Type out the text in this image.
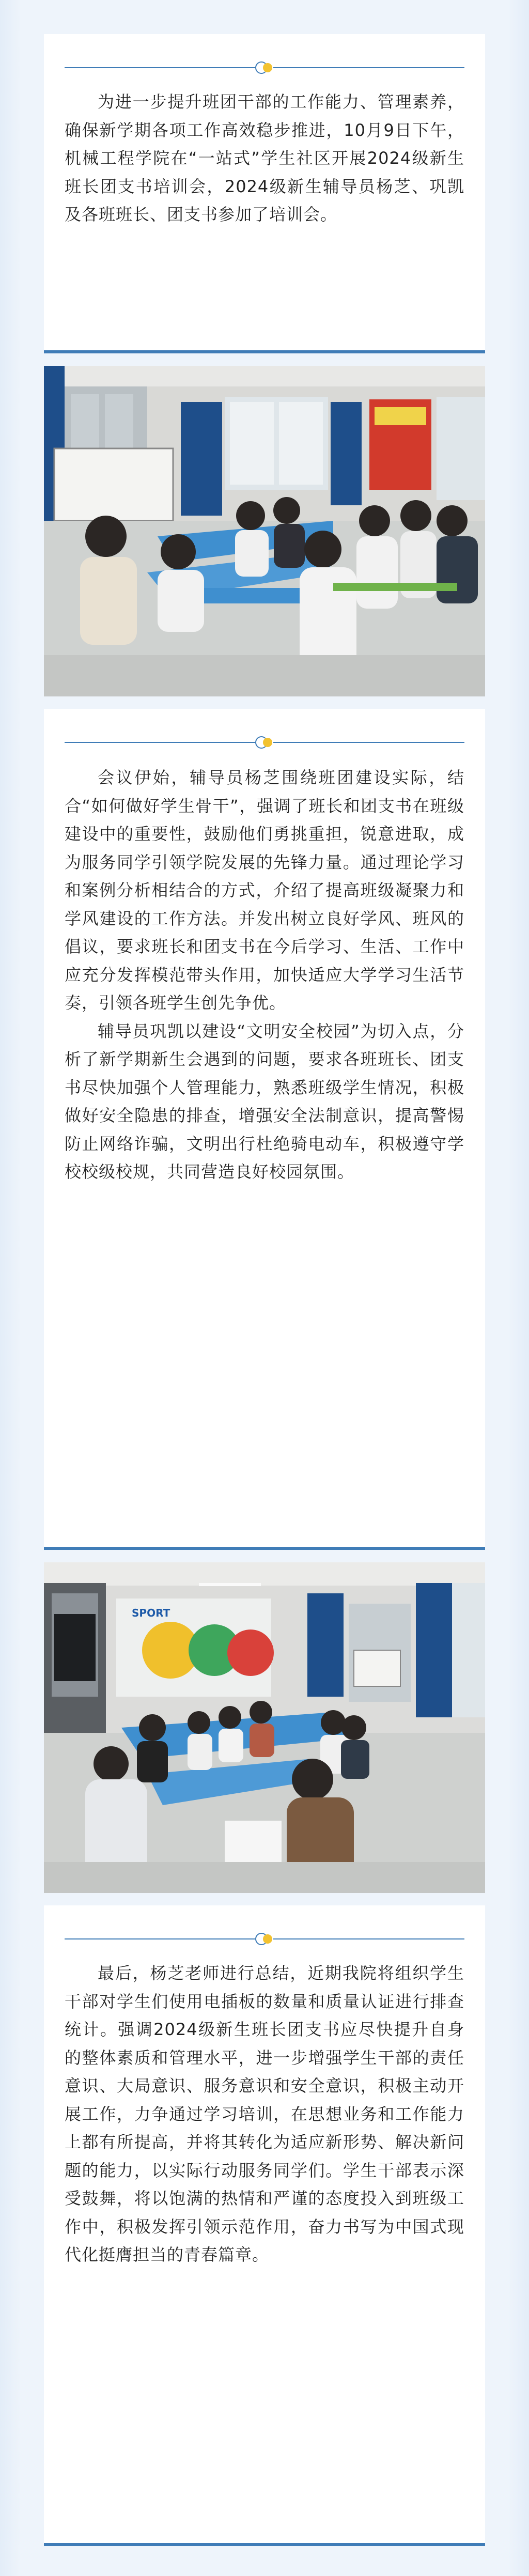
为进一步提升班团干部的工作能力、管理素养，确保新学期各项工作高效稳步推进，10月9日下午，机械工程学院在“一站式”学生社区开展2024级新生班长团支书培训会，2024级新生辅导员杨芝、巩凯及各班班长、团支书参加了培训会。

会议伊始，辅导员杨芝围绕班团建设实际，结合“如何做好学生骨干”，强调了班长和团支书在班级建设中的重要性，鼓励他们勇挑重担，锐意进取，成为服务同学引领学院发展的先锋力量。通过理论学习和案例分析相结合的方式，介绍了提高班级凝聚力和学风建设的工作方法。并发出树立良好学风、班风的倡议，要求班长和团支书在今后学习、生活、工作中应充分发挥模范带头作用，加快适应大学学习生活节奏，引领各班学生创先争优。

辅导员巩凯以建设“文明安全校园”为切入点，分析了新学期新生会遇到的问题，要求各班班长、团支书尽快加强个人管理能力，熟悉班级学生情况，积极做好安全隐患的排查，增强安全法制意识，提高警惕防止网络诈骗，文明出行杜绝骑电动车，积极遵守学校校级校规，共同营造良好校园氛围。

SPORT

最后，杨芝老师进行总结，近期我院将组织学生干部对学生们使用电插板的数量和质量认证进行排查统计。强调2024级新生班长团支书应尽快提升自身的整体素质和管理水平，进一步增强学生干部的责任意识、大局意识、服务意识和安全意识，积极主动开展工作，力争通过学习培训，在思想业务和工作能力上都有所提高，并将其转化为适应新形势、解决新问题的能力，以实际行动服务同学们。学生干部表示深受鼓舞，将以饱满的热情和严谨的态度投入到班级工作中，积极发挥引领示范作用，奋力书写为中国式现代化挺膺担当的青春篇章。
